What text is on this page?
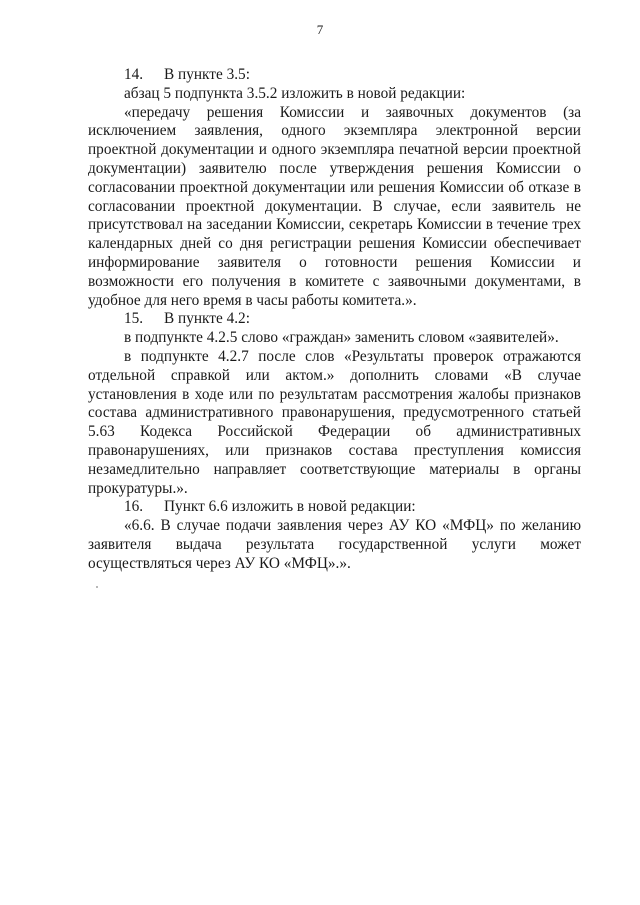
7

14. В пункте 3.5:

абзац 5 подпункта 3.5.2 изложить в новой редакции:

«передачу решения Комиссии и заявочных документов (за исключением заявления, одного экземпляра электронной версии проектной документации и одного экземпляра печатной версии проектной документации) заявителю после утверждения решения Комиссии о согласовании проектной документации или решения Комиссии об отказе в согласовании проектной документации. В случае, если заявитель не присутствовал на заседании Комиссии, секретарь Комиссии в течение трех календарных дней со дня регистрации решения Комиссии обеспечивает информирование заявителя о готовности решения Комиссии и возможности его получения в комитете с заявочными документами, в удобное для него время в часы работы комитета.».

15. В пункте 4.2:

в подпункте 4.2.5 слово «граждан» заменить словом «заявителей».

в подпункте 4.2.7 после слов «Результаты проверок отражаются отдельной справкой или актом.» дополнить словами «В случае установления в ходе или по результатам рассмотрения жалобы признаков состава административного правонарушения, предусмотренного статьей 5.63 Кодекса Российской Федерации об административных правонарушениях, или признаков состава преступления комиссия незамедлительно направляет соответствующие материалы в органы прокуратуры.».

16. Пункт 6.6 изложить в новой редакции:

«6.6. В случае подачи заявления через АУ КО «МФЦ» по желанию заявителя выдача результата государственной услуги может осуществляться через АУ КО «МФЦ».».
